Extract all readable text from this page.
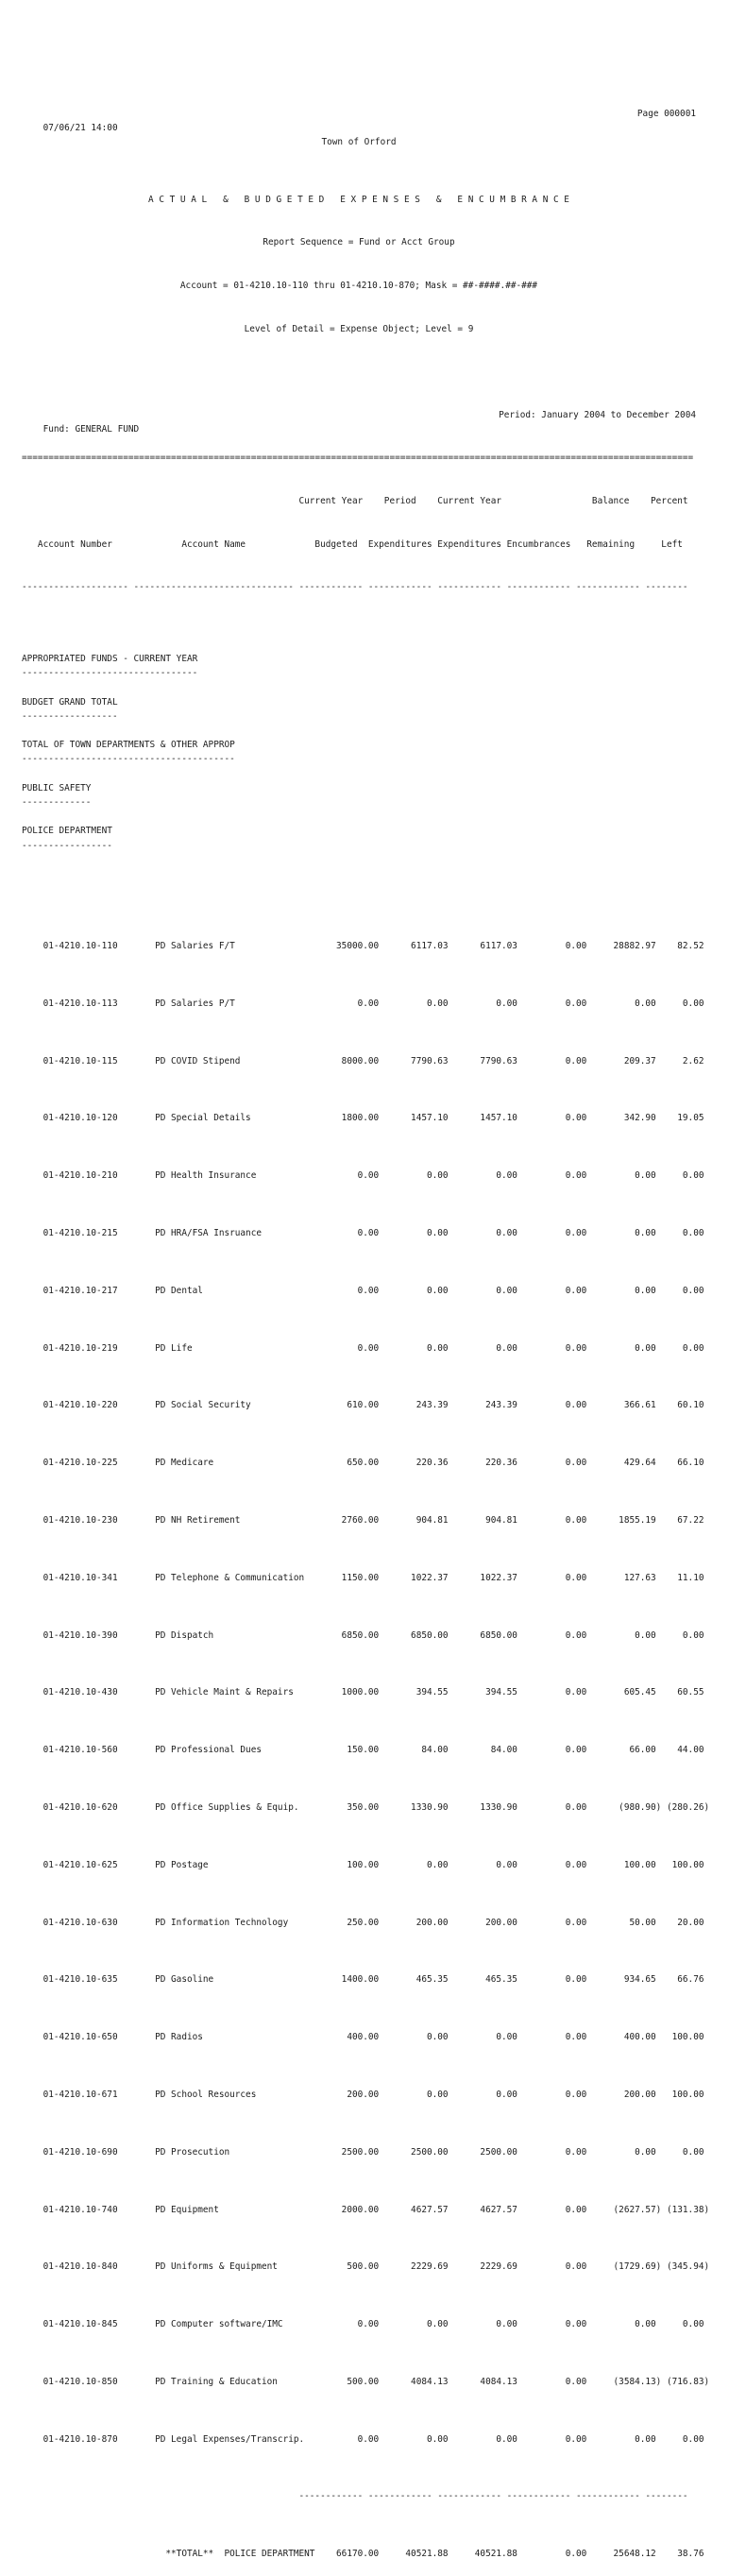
07/06/21 14:00

Town of Orford

Page 000001

A C T U A L   &   B U D G E T E D   E X P E N S E S   &   E N C U M B R A N C E

Report Sequence = Fund or Acct Group

Account = 01-4210.10-110 thru 01-4210.10-870; Mask = ##-####.##-###

Level of Detail = Expense Object; Level = 9

Fund: GENERAL FUND

Period: January 2004 to December 2004

==============================================================================================================================

Current Year    Period    Current Year                 Balance    Percent

Account Number             Account Name             Budgeted  Expenditures Expenditures Encumbrances   Remaining     Left

-------------------- ------------------------------ ------------ ------------ ------------ ------------ ------------ --------

APPROPRIATED FUNDS - CURRENT YEAR
---------------------------------
BUDGET GRAND TOTAL
------------------
TOTAL OF TOWN DEPARTMENTS & OTHER APPROP
----------------------------------------
PUBLIC SAFETY
-------------
POLICE DEPARTMENT
-----------------

01-4210.10-110       PD Salaries F/T                   35000.00      6117.03      6117.03         0.00     28882.97    82.52

01-4210.10-113       PD Salaries P/T                       0.00         0.00         0.00         0.00         0.00     0.00

01-4210.10-115       PD COVID Stipend                   8000.00      7790.63      7790.63         0.00       209.37     2.62

01-4210.10-120       PD Special Details                 1800.00      1457.10      1457.10         0.00       342.90    19.05

01-4210.10-210       PD Health Insurance                   0.00         0.00         0.00         0.00         0.00     0.00

01-4210.10-215       PD HRA/FSA Insruance                  0.00         0.00         0.00         0.00         0.00     0.00

01-4210.10-217       PD Dental                             0.00         0.00         0.00         0.00         0.00     0.00

01-4210.10-219       PD Life                               0.00         0.00         0.00         0.00         0.00     0.00

01-4210.10-220       PD Social Security                  610.00       243.39       243.39         0.00       366.61    60.10

01-4210.10-225       PD Medicare                         650.00       220.36       220.36         0.00       429.64    66.10

01-4210.10-230       PD NH Retirement                   2760.00       904.81       904.81         0.00      1855.19    67.22

01-4210.10-341       PD Telephone & Communication       1150.00      1022.37      1022.37         0.00       127.63    11.10

01-4210.10-390       PD Dispatch                        6850.00      6850.00      6850.00         0.00         0.00     0.00

01-4210.10-430       PD Vehicle Maint & Repairs         1000.00       394.55       394.55         0.00       605.45    60.55

01-4210.10-560       PD Professional Dues                150.00        84.00        84.00         0.00        66.00    44.00

01-4210.10-620       PD Office Supplies & Equip.         350.00      1330.90      1330.90         0.00      (980.90) (280.26)

01-4210.10-625       PD Postage                          100.00         0.00         0.00         0.00       100.00   100.00

01-4210.10-630       PD Information Technology           250.00       200.00       200.00         0.00        50.00    20.00

01-4210.10-635       PD Gasoline                        1400.00       465.35       465.35         0.00       934.65    66.76

01-4210.10-650       PD Radios                           400.00         0.00         0.00         0.00       400.00   100.00

01-4210.10-671       PD School Resources                 200.00         0.00         0.00         0.00       200.00   100.00

01-4210.10-690       PD Prosecution                     2500.00      2500.00      2500.00         0.00         0.00     0.00

01-4210.10-740       PD Equipment                       2000.00      4627.57      4627.57         0.00     (2627.57) (131.38)

01-4210.10-840       PD Uniforms & Equipment             500.00      2229.69      2229.69         0.00     (1729.69) (345.94)

01-4210.10-845       PD Computer software/IMC              0.00         0.00         0.00         0.00         0.00     0.00

01-4210.10-850       PD Training & Education             500.00      4084.13      4084.13         0.00     (3584.13) (716.83)

01-4210.10-870       PD Legal Expenses/Transcrip.          0.00         0.00         0.00         0.00         0.00     0.00

------------ ------------ ------------ ------------ ------------ --------

**TOTAL**  POLICE DEPARTMENT    66170.00     40521.88     40521.88         0.00     25648.12    38.76
